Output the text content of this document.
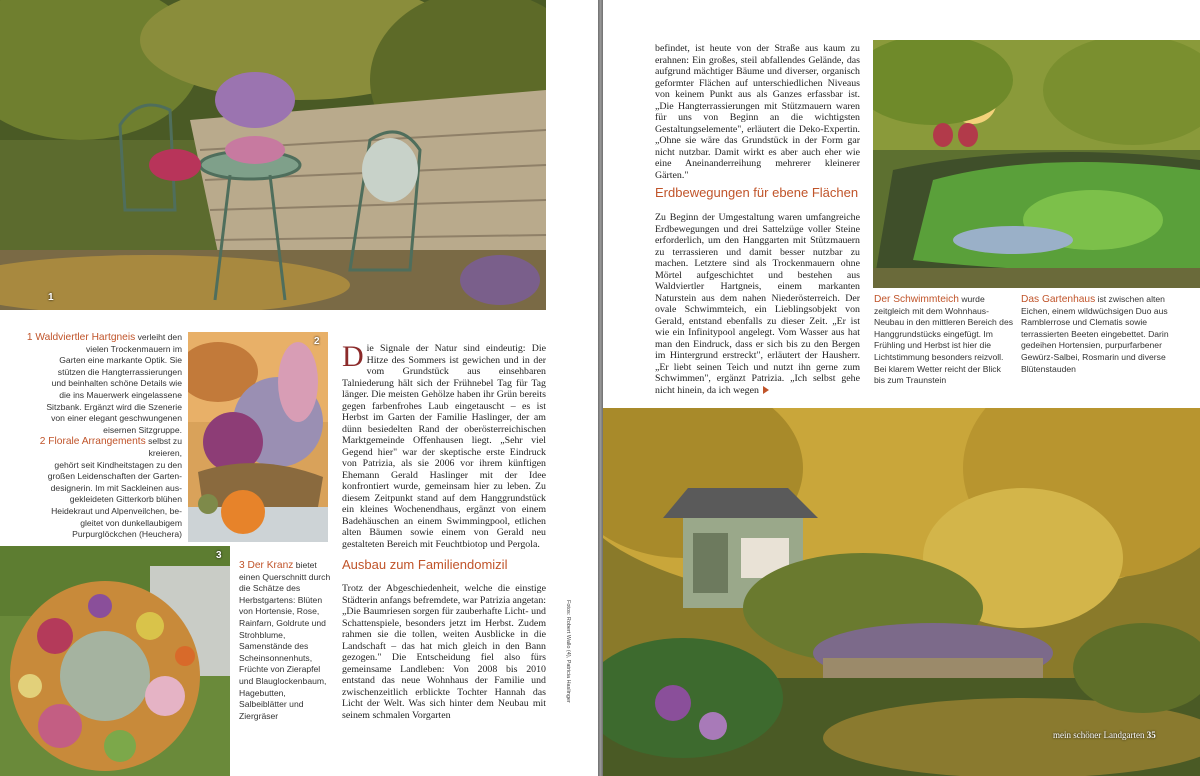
1

1 Waldviertler Hartgneis verleiht den vielen Trockenmauern im

Garten eine markante Optik. Sie

stützen die Hangterrassierungen

und beinhalten schöne Details wie

die ins Mauerwerk eingelassene

Sitzbank. Ergänzt wird die Szenerie

von einer elegant geschwungenen

eisernen Sitzgruppe.

2 Florale Arrangements selbst zu kreieren,

gehört seit Kindheitstagen zu den

großen Leidenschaften der Garten-

designerin. Im mit Sackleinen aus-

gekleideten Gitterkorb blühen

Heidekraut und Alpenveilchen, be-

gleitet von dunkellaubigem

Purpurglöckchen (Heuchera)

2
3
3 Der Kranz bietet einen Querschnitt durch die Schätze des Herbstgartens: Blüten von Hortensie, Rose, Rainfarn, Goldrute und Strohblume, Samenstände des Scheinsonnenhuts, Früchte von Zierapfel und Blauglockenbaum, Hagebutten, Salbeiblätter und Ziergräser

Die Signale der Natur sind eindeutig: Die Hitze des Sommers ist gewichen und in der vom Grundstück aus einsehbaren Talniederung hält sich der Frühnebel Tag für Tag länger. Die meisten Gehölze haben ihr Grün bereits gegen farbenfrohes Laub eingetauscht – es ist Herbst im Garten der Familie Haslinger, der am dünn besiedelten Rand der oberösterreichischen Marktgemeinde Offenhausen liegt. „Sehr viel Gegend hier" war der skeptische erste Eindruck von Patrizia, als sie 2006 vor ihrem künftigen Ehemann Gerald Haslinger mit der Idee konfrontiert wurde, gemeinsam hier zu leben. Zu diesem Zeitpunkt stand auf dem Hanggrundstück ein kleines Wochenendhaus, ergänzt von einem Badehäuschen an einem Swimmingpool, etlichen alten Bäumen sowie einem von Gerald neu gestalteten Bereich mit Feuchtbiotop und Pergola.

Ausbau zum Familiendomizil

Trotz der Abgeschiedenheit, welche die einstige Städterin anfangs befremdete, war Patrizia angetan: „Die Baumriesen sorgen für zauberhafte Licht- und Schattenspiele, besonders jetzt im Herbst. Zudem rahmen sie die tollen, weiten Ausblicke in die Landschaft – das hat mich gleich in den Bann gezogen." Die Entscheidung fiel also fürs gemeinsame Landleben: Von 2008 bis 2010 entstand das neue Wohnhaus der Familie und zwischenzeitlich erblickte Tochter Hannah das Licht der Welt. Was sich hinter dem Neubau mit seinem schmalen Vorgarten

Fotos: Robert Wallo (4), Patricia Haslinger

befindet, ist heute von der Straße aus kaum zu erahnen: Ein großes, steil abfallendes Gelände, das aufgrund mächtiger Bäume und diverser, organisch geformter Flächen auf unterschiedlichen Niveaus von keinem Punkt aus als Ganzes erfassbar ist. „Die Hangterrassierungen mit Stützmauern waren für uns von Beginn an die wichtigsten Gestaltungselemente", erläutert die Deko-Expertin. „Ohne sie wäre das Grundstück in der Form gar nicht nutzbar. Damit wirkt es aber auch eher wie eine Aneinanderreihung mehrerer kleinerer Gärten."

Erdbewegungen für ebene Flächen

Zu Beginn der Umgestaltung waren umfangreiche Erdbewegungen und drei Sattelzüge voller Steine erforderlich, um den Hanggarten mit Stützmauern zu terrassieren und damit besser nutzbar zu machen. Letztere sind als Trockenmauern ohne Mörtel aufgeschichtet und bestehen aus Waldviertler Hartgneis, einem markanten Naturstein aus dem nahen Niederösterreich. Der ovale Schwimmteich, ein Lieblingsobjekt von Gerald, entstand ebenfalls zu dieser Zeit. „Er ist wie ein Infinitypool angelegt. Vom Wasser aus hat man den Eindruck, dass er sich bis zu den Bergen im Hintergrund erstreckt", erläutert der Hausherr. „Er liebt seinen Teich und nutzt ihn gerne zum Schwimmen", ergänzt Patrizia. „Ich selbst gehe nicht hinein, da ich wegen

Der Schwimmteich wurde zeitgleich mit dem Wohnhaus-Neubau in den mittleren Bereich des Hanggrundstücks eingefügt. Im Frühling und Herbst ist hier die Lichtstimmung besonders reizvoll. Bei klarem Wetter reicht der Blick bis zum Traunstein
Das Gartenhaus ist zwischen alten Eichen, einem wildwüchsigen Duo aus Ramblerrose und Clematis sowie terrassierten Beeten eingebettet. Darin gedeihen Hortensien, purpurfarbener Gewürz-Salbei, Rosmarin und diverse Blütenstauden
mein schöner Landgarten 35
